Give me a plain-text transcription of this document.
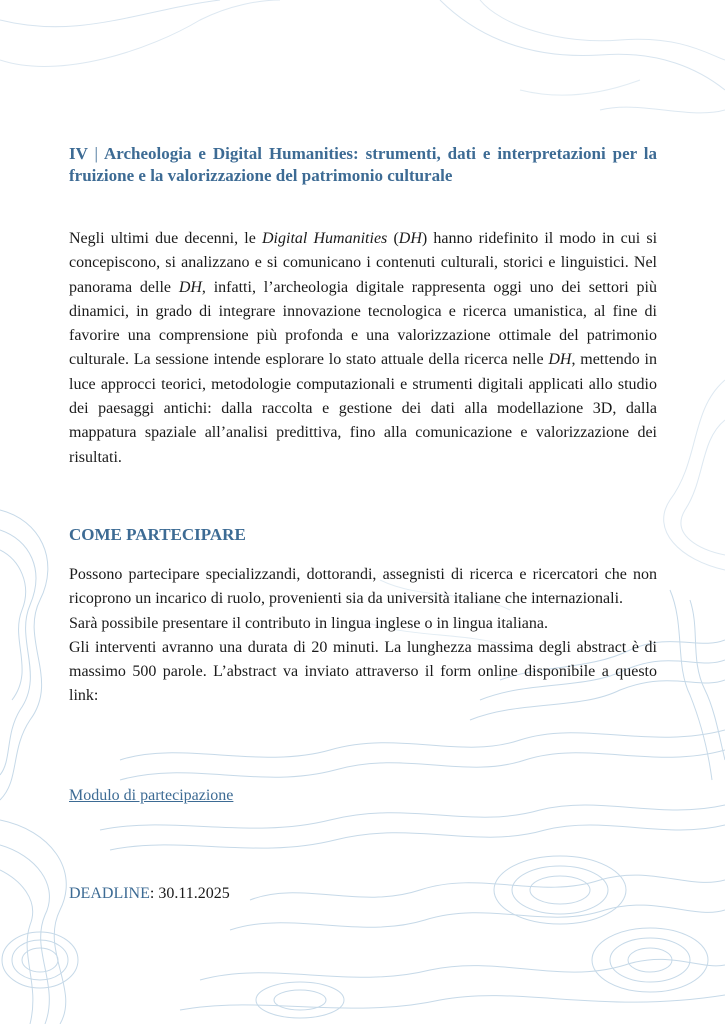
IV | Archeologia e Digital Humanities: strumenti, dati e interpretazioni per la fruizione e la valorizzazione del patrimonio culturale
Negli ultimi due decenni, le Digital Humanities (DH) hanno ridefinito il modo in cui si concepiscono, si analizzano e si comunicano i contenuti culturali, storici e linguistici. Nel panorama delle DH, infatti, l’archeologia digitale rappresenta oggi uno dei settori più dinamici, in grado di integrare innovazione tecnologica e ricerca umanistica, al fine di favorire una comprensione più profonda e una valorizzazione ottimale del patrimonio culturale. La sessione intende esplorare lo stato attuale della ricerca nelle DH, mettendo in luce approcci teorici, metodologie computazionali e strumenti digitali applicati allo studio dei paesaggi antichi: dalla raccolta e gestione dei dati alla modellazione 3D, dalla mappatura spaziale all’analisi predittiva, fino alla comunicazione e valorizzazione dei risultati.
COME PARTECIPARE

Possono partecipare specializzandi, dottorandi, assegnisti di ricerca e ricercatori che non ricoprono un incarico di ruolo, provenienti sia da università italiane che internazionali.

Sarà possibile presentare il contributo in lingua inglese o in lingua italiana.

Gli interventi avranno una durata di 20 minuti. La lunghezza massima degli abstract è di massimo 500 parole. L’abstract va inviato attraverso il form online disponibile a questo link:

Modulo di partecipazione
DEADLINE: 30.11.2025
